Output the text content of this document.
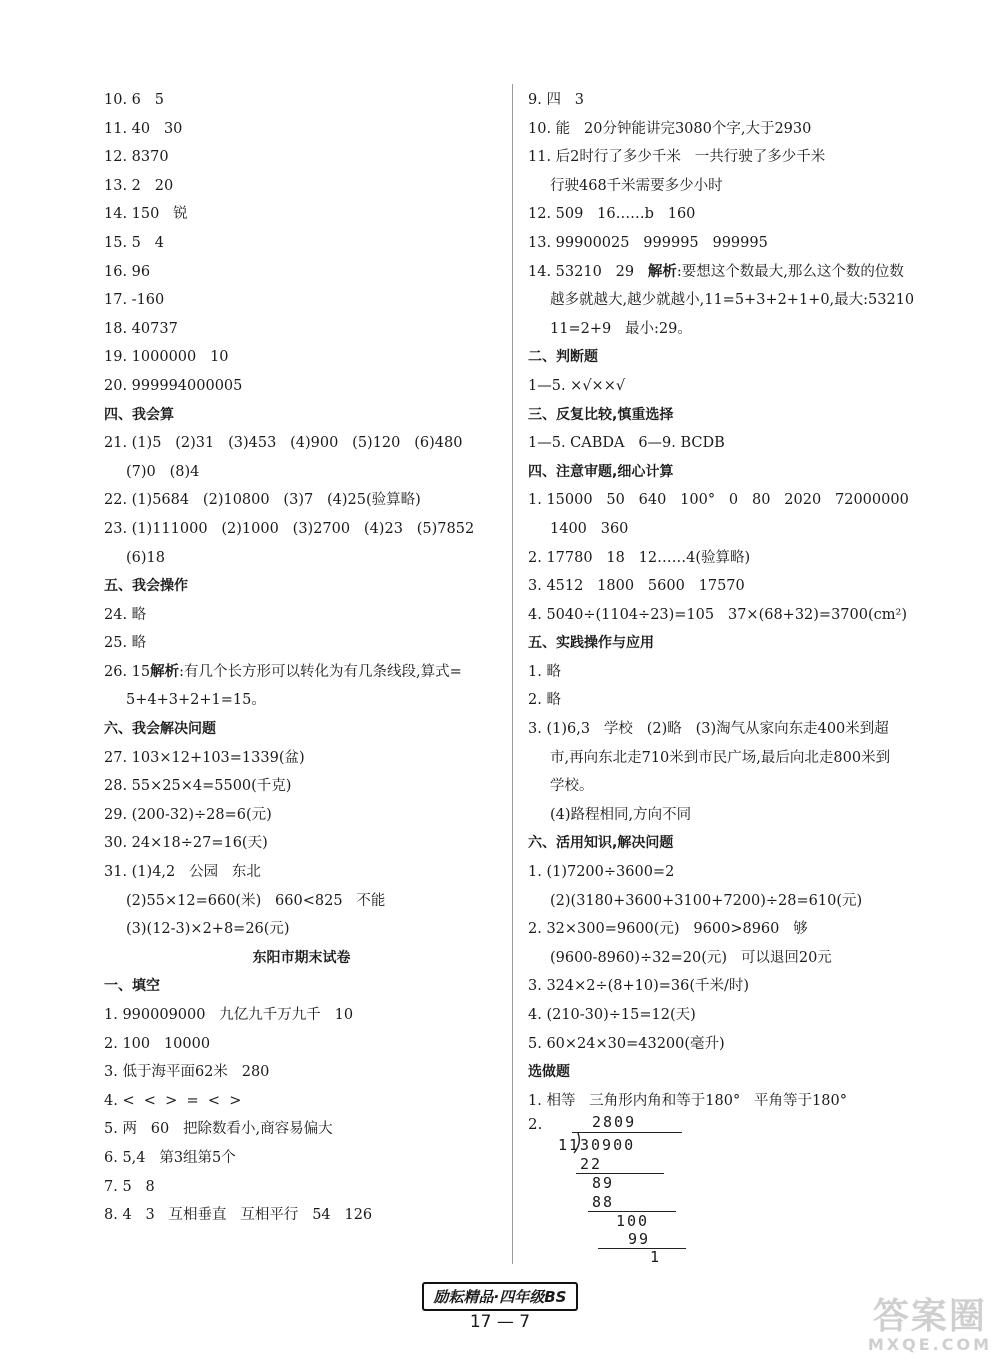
10. 6   5
11. 40   30
12. 8370
13. 2   20
14. 150   锐
15. 5   4
16. 96
17. -160
18. 40737
19. 1000000   10
20. 999994000005
四、我会算
21. (1)5   (2)31   (3)453   (4)900   (5)120   (6)480
(7)0   (8)4
22. (1)5684   (2)10800   (3)7   (4)25(验算略)
23. (1)111000   (2)1000   (3)2700   (4)23   (5)7852
(6)18
五、我会操作
24. 略
25. 略
26. 15解析:有几个长方形可以转化为有几条线段,算式=
5+4+3+2+1=15。
六、我会解决问题
27. 103×12+103=1339(盆)
28. 55×25×4=5500(千克)
29. (200-32)÷28=6(元)
30. 24×18÷27=16(天)
31. (1)4,2   公园   东北
(2)55×12=660(米)   660<825   不能
(3)(12-3)×2+8=26(元)
东阳市期末试卷
一、填空
1. 990009000   九亿九千万九千   10
2. 100   10000
3. 低于海平面62米   280
4. <  <  >  =  <  >
5. 两   60   把除数看小,商容易偏大
6. 5,4   第3组第5个
7. 5   8
8. 4   3   互相垂直   互相平行   54   126
9. 四   3
10. 能   20分钟能讲完3080个字,大于2930
11. 后2时行了多少千米   一共行驶了多少千米
行驶468千米需要多少小时
12. 509   16……b   160
13. 99900025   999995   999995
14. 53210   29   解析:要想这个数最大,那么这个数的位数
越多就越大,越少就越小,11=5+3+2+1+0,最大:53210
11=2+9   最小:29。
二、判断题
1—5. ×√××√
三、反复比较,慎重选择
1—5. CABDA   6—9. BCDB
四、注意审题,细心计算
1. 15000   50   640   100°   0   80   2020   72000000
1400   360
2. 17780   18   12……4(验算略)
3. 4512   1800   5600   17570
4. 5040÷(1104÷23)=105   37×(68+32)=3700(cm²)
五、实践操作与应用
1. 略
2. 略
3. (1)6,3   学校   (2)略   (3)淘气从家向东走400米到超
市,再向东北走710米到市民广场,最后向北走800米到
学校。
(4)路程相同,方向不同
六、活用知识,解决问题
1. (1)7200÷3600=2
(2)(3180+3600+3100+7200)÷28=610(元)
2. 32×300=9600(元)   9600>8960   够
(9600-8960)÷32=20(元)   可以退回20元
3. 324×2÷(8+10)=36(千米/时)
4. (210-30)÷15=12(天)
5. 60×24×30=43200(毫升)
选做题
1. 相等   三角形内角和等于180°   平角等于180°
2.	2809
11 30900
22
89
88
100
99
1
励耘精品·四年级BS
17 — 7	答案圈
MXQE.COM
